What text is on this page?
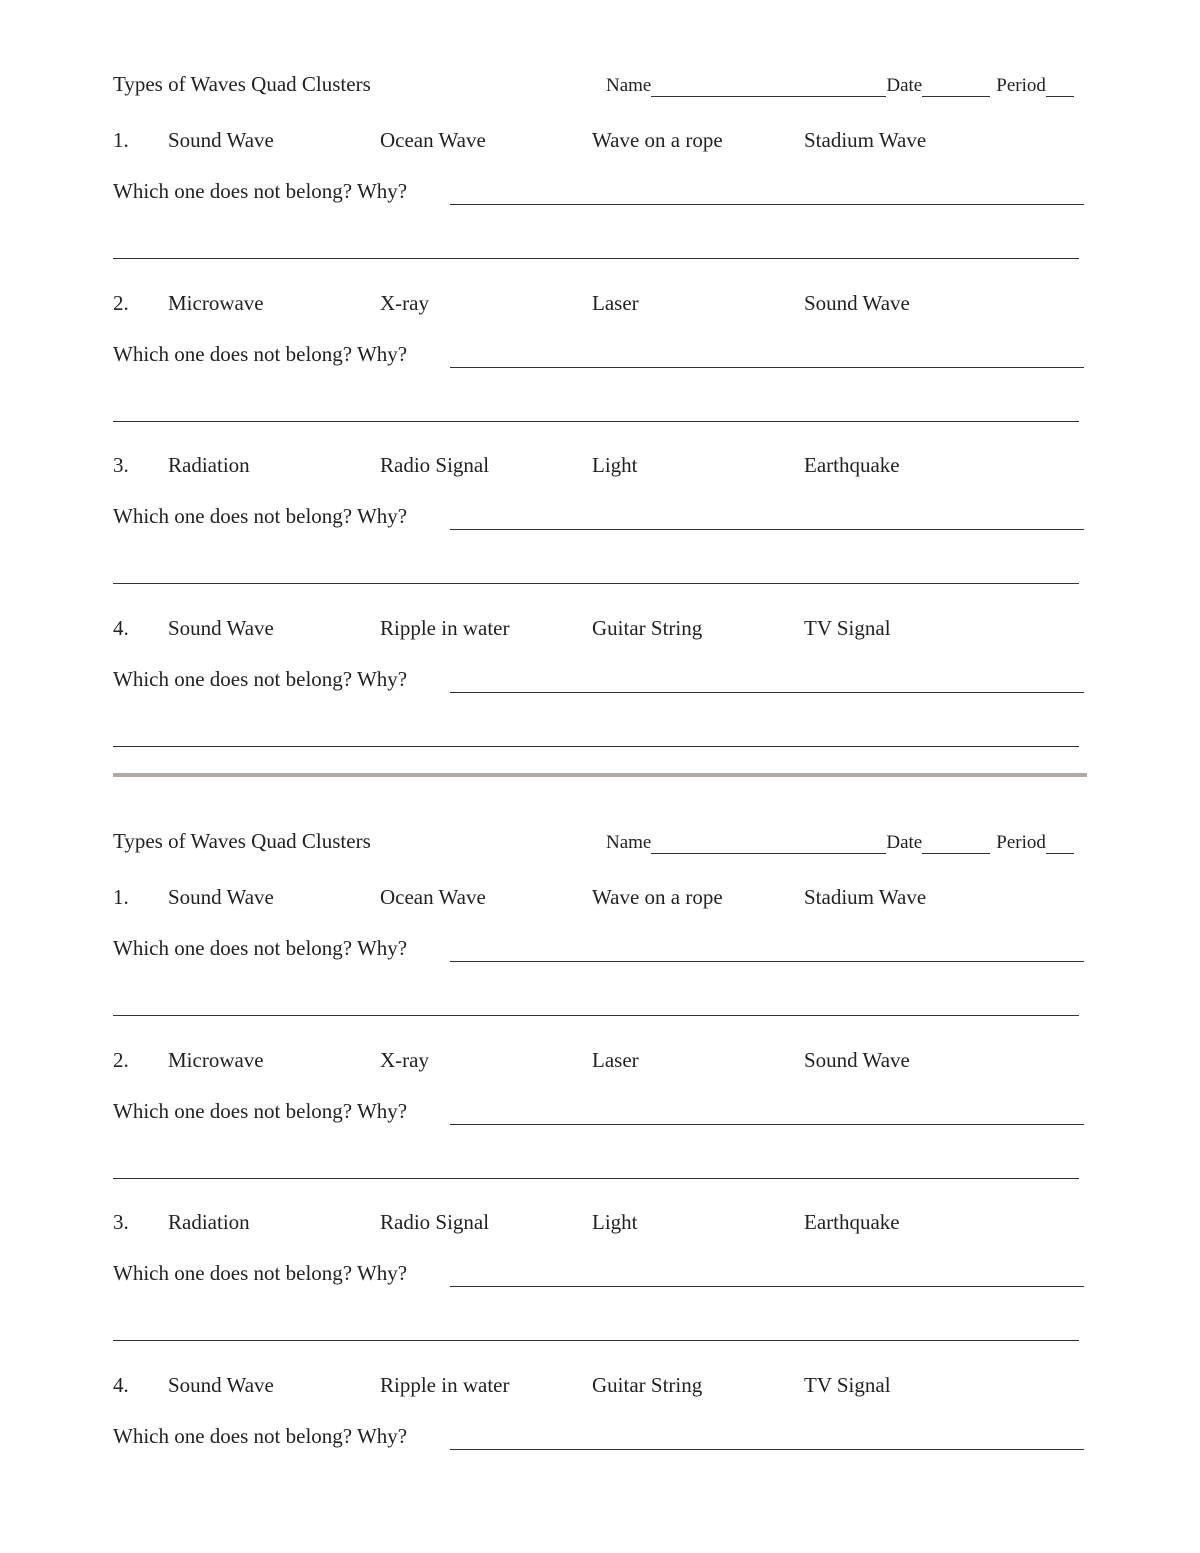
Types of Waves Quad Clusters	Name	Date	Period
1. Sound Wave	Ocean Wave	Wave on a rope	Stadium Wave
Which one does not belong? Why?
2. Microwave	X-ray	Laser	Sound Wave
Which one does not belong? Why?
3. Radiation	Radio Signal	Light	Earthquake
Which one does not belong? Why?
4. Sound Wave	Ripple in water	Guitar String	TV Signal
Which one does not belong? Why?
Types of Waves Quad Clusters	Name	Date	Period
1. Sound Wave	Ocean Wave	Wave on a rope	Stadium Wave
Which one does not belong? Why?
2. Microwave	X-ray	Laser	Sound Wave
Which one does not belong? Why?
3. Radiation	Radio Signal	Light	Earthquake
Which one does not belong? Why?
4. Sound Wave	Ripple in water	Guitar String	TV Signal
Which one does not belong? Why?
